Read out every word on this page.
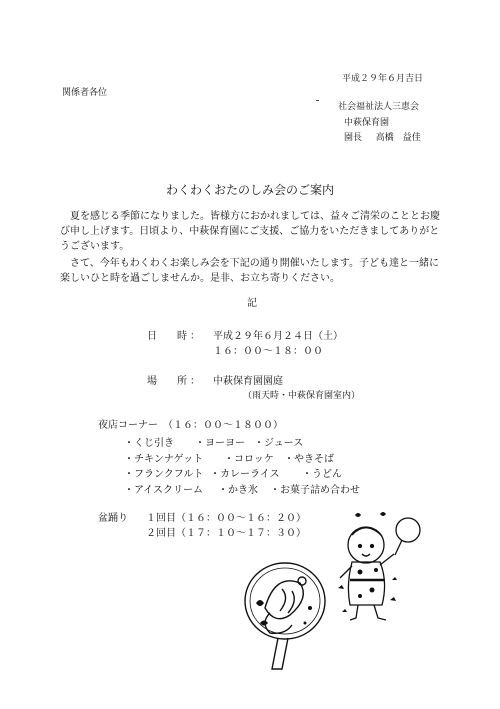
平成２９年６月吉日
関係者各位
社会福祉法人三恵会
中萩保育園
園長 高橋　益佳
わくわくおたのしみ会のご案内
夏を感じる季節になりました。皆様方におかれましては、益々ご清栄のこととお慶び申し上げます。日頃より、中萩保育園にご支援、ご協力をいただきましてありがとうございます。
さて、今年もわくわくお楽しみ会を下記の通り開催いたします。子ども達と一緒に楽しいひと時を過ごしませんか。是非、お立ち寄りください。
記
日　　時 ： 平成２９年６月２４日（土）
１６：００～１８：００
場　　所 ： 中萩保育園園庭
（雨天時・中萩保育園室内）
夜店コーナー　（１６：００～１８００）
・くじ引き ・ヨーヨー ・ジュース
・チキンナゲット ・コロッケ ・やきそば
・フランクフルト ・カレーライス ・うどん
・アイスクリーム ・かき氷 ・お菓子詰め合わせ
盆踊り １回目（１６：００～１６：２０）
２回目（１７：１０～１７：３０）
